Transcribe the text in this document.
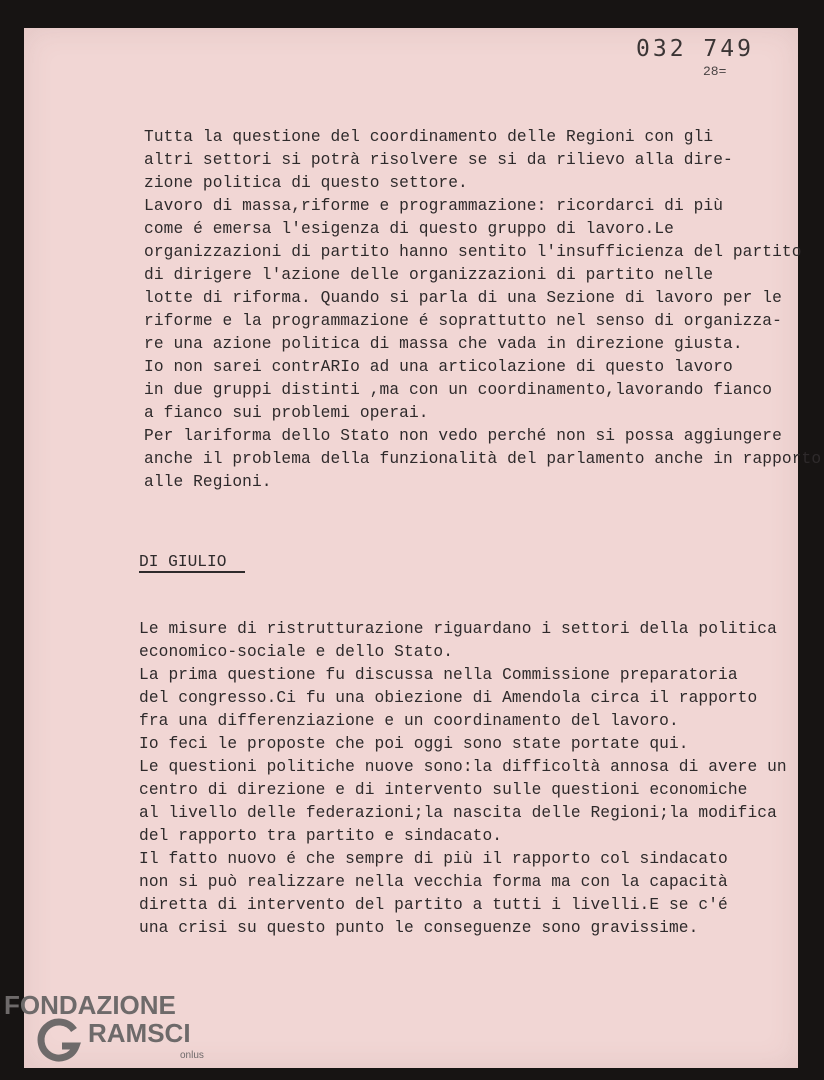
032 749
28=
Tutta la questione del coordinamento delle Regioni con gli
altri settori si potrà risolvere se si da rilievo alla dire-
zione politica di questo settore.
Lavoro di massa,riforme e programmazione: ricordarci di più
come é emersa l'esigenza di questo gruppo di lavoro.Le
organizzazioni di partito hanno sentito l'insufficienza del partito
di dirigere l'azione delle organizzazioni di partito nelle
lotte di riforma. Quando si parla di una Sezione di lavoro per le
riforme e la programmazione é soprattutto nel senso di organizza-
re una azione politica di massa che vada in direzione giusta.
Io non sarei contrARIo ad una articolazione di questo lavoro
in due gruppi distinti ,ma con un coordinamento,lavorando fianco
a fianco sui problemi operai.
Per lariforma dello Stato non vedo perché non si possa aggiungere
anche il problema della funzionalità del parlamento anche in rapporto
alle Regioni.
DI GIULIO
Le misure di ristrutturazione riguardano i settori della politica
economico-sociale e dello Stato.
La prima questione fu discussa nella Commissione preparatoria
del congresso.Ci fu una obiezione di Amendola circa il rapporto
fra una differenziazione e un coordinamento del lavoro.
Io feci le proposte che poi oggi sono state portate qui.
Le questioni politiche nuove sono:la difficoltà annosa di avere un
centro di direzione e di intervento sulle questioni economiche
al livello delle federazioni;la nascita delle Regioni;la modifica
del rapporto tra partito e sindacato.
Il fatto nuovo é che sempre di più il rapporto col sindacato
non si può realizzare nella vecchia forma ma con la capacità
diretta di intervento del partito a tutti i livelli.E se c'é
una crisi su questo punto le conseguenze sono gravissime.
FONDAZIONE
RAMSCI
onlus
